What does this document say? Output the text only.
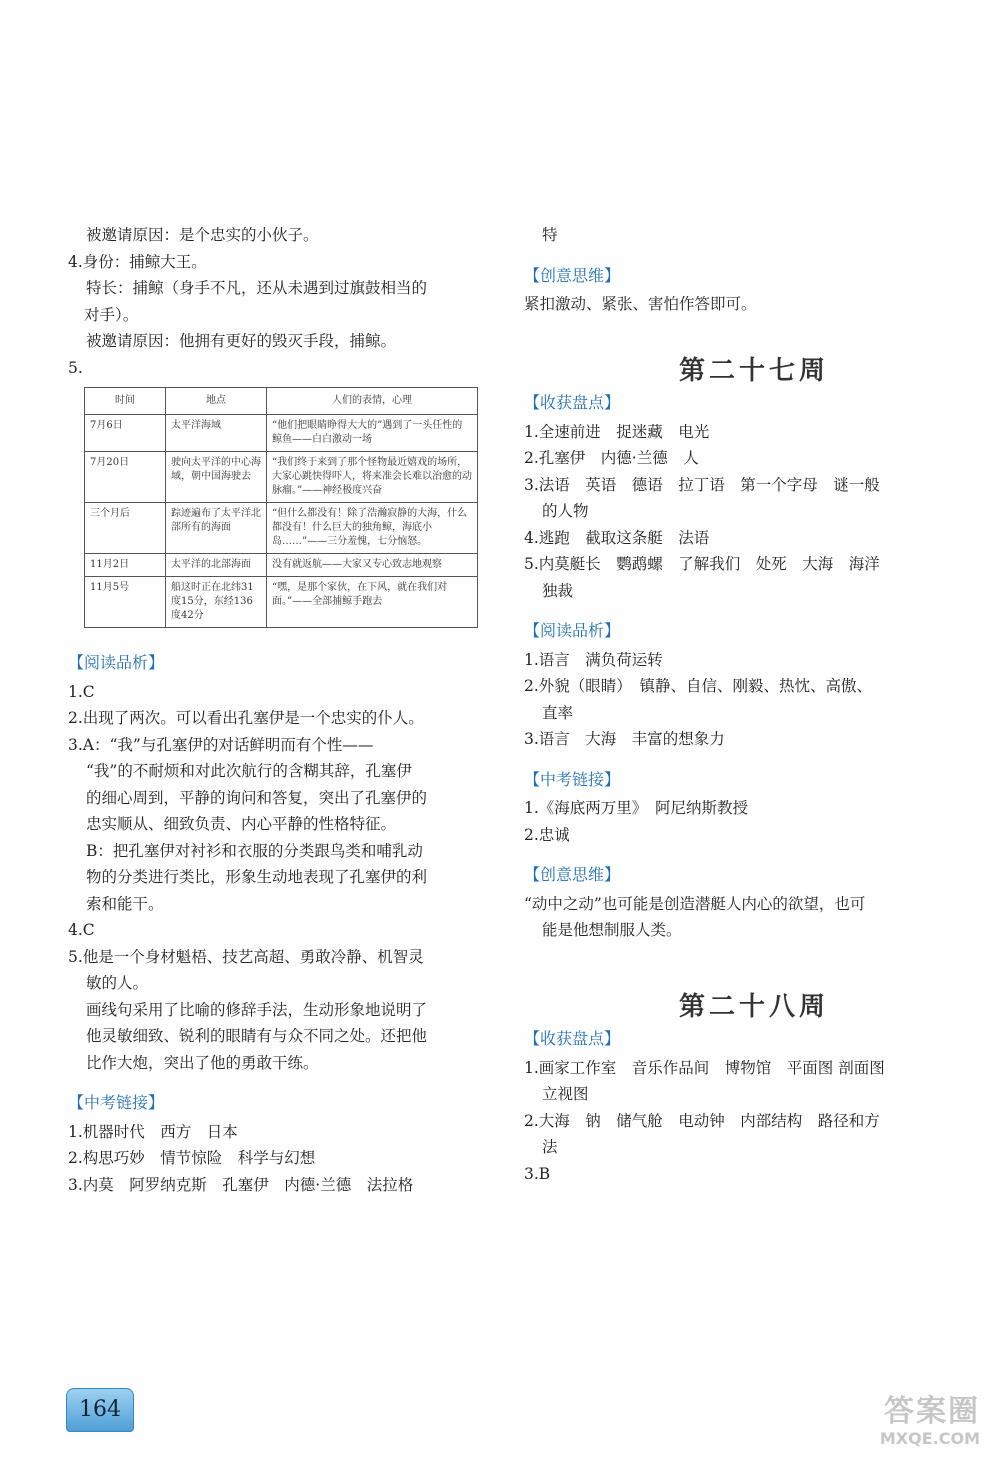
被邀请原因：是个忠实的小伙子。
4.身份：捕鲸大王。
特长：捕鲸（身手不凡，还从未遇到过旗鼓相当的
对手）。
被邀请原因：他拥有更好的毁灭手段，捕鲸。
5.
时间	地点	人们的表情，心理
7月6日	太平洋海域	“他们把眼睛睁得大大的”遇到了一头任性的鲸鱼——白白激动一场
7月20日	驶向太平洋的中心海域，朝中国海驶去	“我们终于来到了那个怪物最近嬉戏的场所，大家心跳快得吓人，将来准会长难以治愈的动脉瘤。”——神经极度兴奋
三个月后	踪迹遍布了太平洋北部所有的海面	“但什么都没有！除了浩瀚寂静的大海，什么都没有！什么巨大的独角鲸，海底小岛……”——三分羞愧，七分恼怒。
11月2日	太平洋的北部海面	没有就返航——大家又专心致志地观察
11月5号	船这时正在北纬31度15分，东经136度42分	“嘿，是那个家伙，在下风，就在我们对面。”——全部捕鲸手跑去
【阅读品析】
1.C
2.出现了两次。可以看出孔塞伊是一个忠实的仆人。
3.A：“我”与孔塞伊的对话鲜明而有个性——
“我”的不耐烦和对此次航行的含糊其辞，孔塞伊
的细心周到，平静的询问和答复，突出了孔塞伊的
忠实顺从、细致负责、内心平静的性格特征。
B：把孔塞伊对衬衫和衣服的分类跟鸟类和哺乳动
物的分类进行类比，形象生动地表现了孔塞伊的利
索和能干。
4.C
5.他是一个身材魁梧、技艺高超、勇敢冷静、机智灵
敏的人。
画线句采用了比喻的修辞手法，生动形象地说明了
他灵敏细致、锐利的眼睛有与众不同之处。还把他
比作大炮，突出了他的勇敢干练。
【中考链接】
1.机器时代　西方　日本
2.构思巧妙　情节惊险　科学与幻想
3.内莫　阿罗纳克斯　孔塞伊　内德·兰德　法拉格
特
【创意思维】
紧扣激动、紧张、害怕作答即可。
第二十七周
【收获盘点】
1.全速前进　捉迷藏　电光
2.孔塞伊　内德·兰德　人
3.法语　英语　德语　拉丁语　第一个字母　谜一般
的人物
4.逃跑　截取这条艇　法语
5.内莫艇长　鹦鹉螺　了解我们　处死　大海　海洋
独裁
【阅读品析】
1.语言　满负荷运转
2.外貌（眼睛）　镇静、自信、刚毅、热忱、高傲、
直率
3.语言　大海　丰富的想象力
【中考链接】
1.《海底两万里》　阿尼纳斯教授
2.忠诚
【创意思维】
“动中之动”也可能是创造潜艇人内心的欲望，也可
能是他想制服人类。
第二十八周
【收获盘点】
1.画家工作室　音乐作品间　博物馆　平面图 剖面图
立视图
2.大海　钠　储气舱　电动钟　内部结构　路径和方
法
3.B
164	答案圈
MXQE.COM
